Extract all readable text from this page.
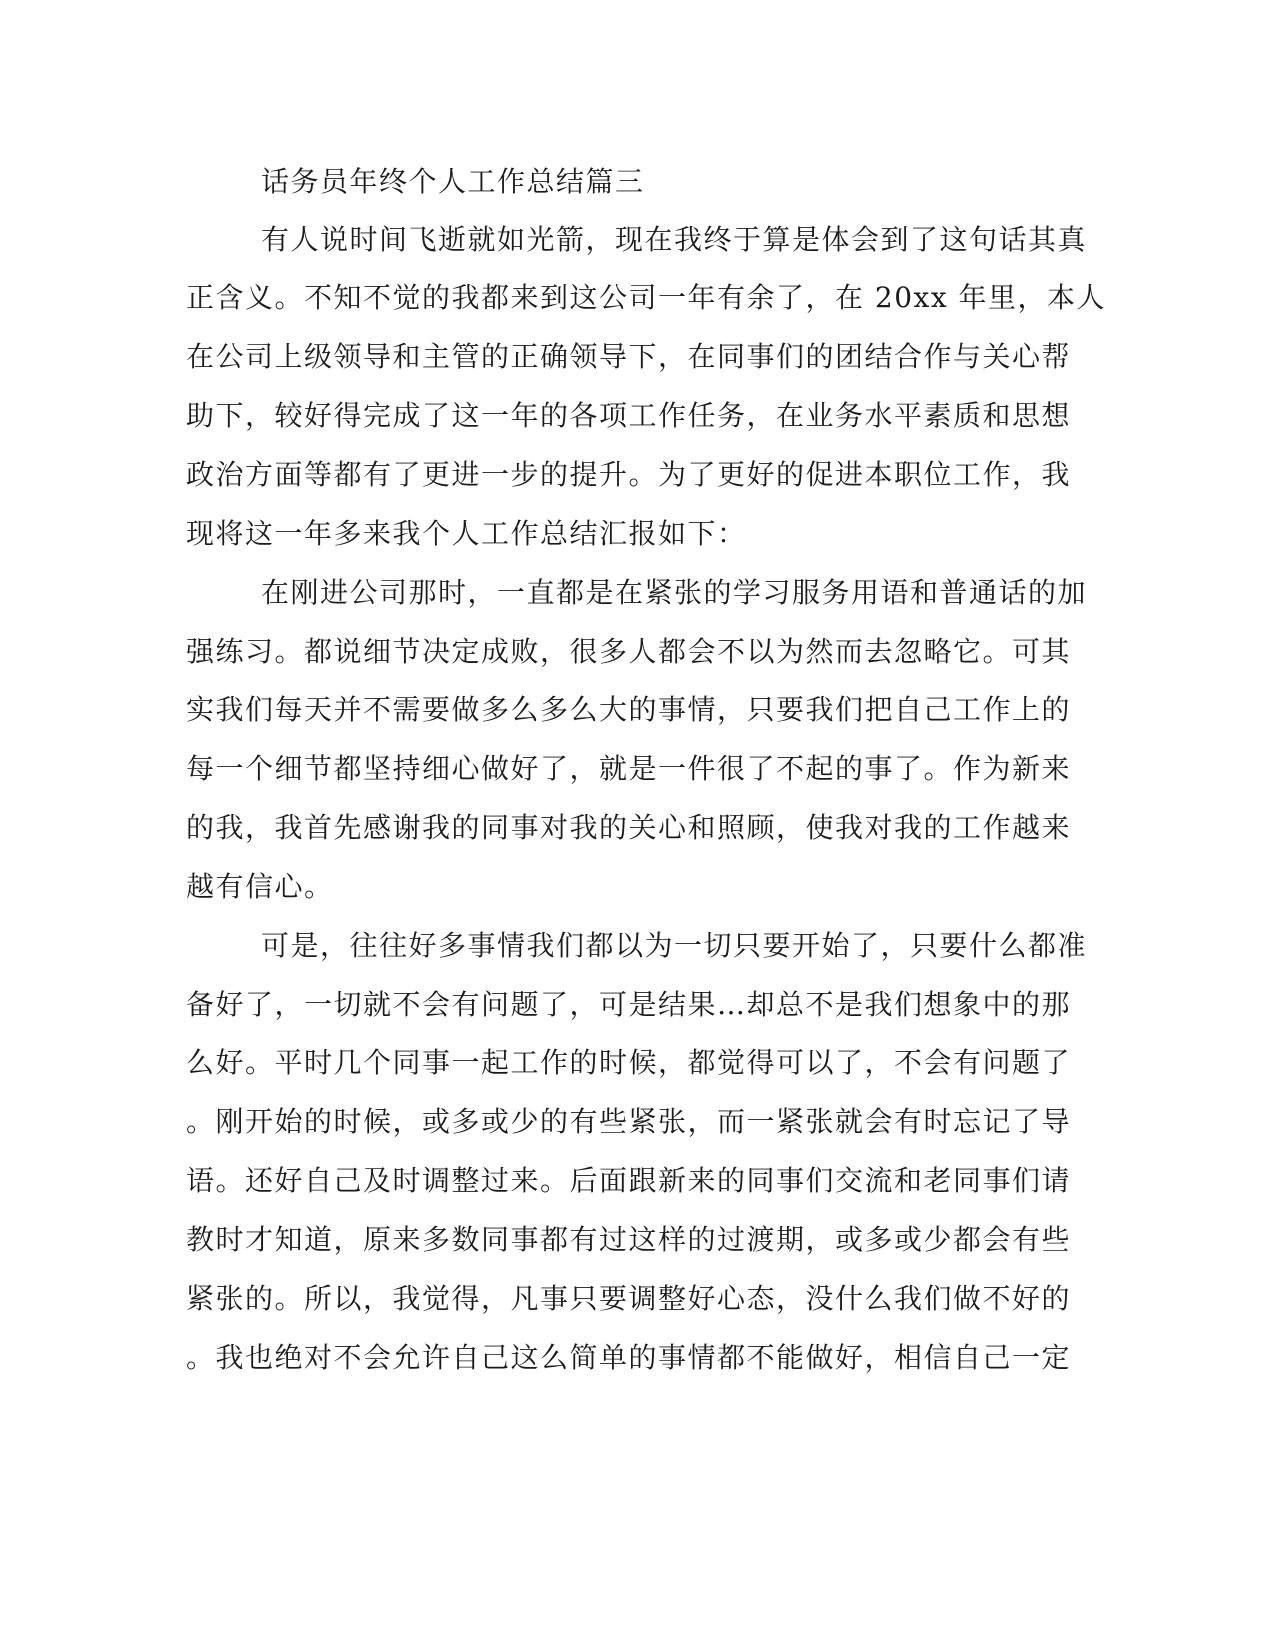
话务员年终个人工作总结篇三
有人说时间飞逝就如光箭，现在我终于算是体会到了这句话其真
正含义。不知不觉的我都来到这公司一年有余了，在 20xx 年里，本人
在公司上级领导和主管的正确领导下，在同事们的团结合作与关心帮
助下，较好得完成了这一年的各项工作任务，在业务水平素质和思想
政治方面等都有了更进一步的提升。为了更好的促进本职位工作，我
现将这一年多来我个人工作总结汇报如下：
在刚进公司那时，一直都是在紧张的学习服务用语和普通话的加
强练习。都说细节决定成败，很多人都会不以为然而去忽略它。可其
实我们每天并不需要做多么多么大的事情，只要我们把自己工作上的
每一个细节都坚持细心做好了，就是一件很了不起的事了。作为新来
的我，我首先感谢我的同事对我的关心和照顾，使我对我的工作越来
越有信心。
可是，往往好多事情我们都以为一切只要开始了，只要什么都准
备好了，一切就不会有问题了，可是结果…却总不是我们想象中的那
么好。平时几个同事一起工作的时候，都觉得可以了，不会有问题了
。刚开始的时候，或多或少的有些紧张，而一紧张就会有时忘记了导
语。还好自己及时调整过来。后面跟新来的同事们交流和老同事们请
教时才知道，原来多数同事都有过这样的过渡期，或多或少都会有些
紧张的。所以，我觉得，凡事只要调整好心态，没什么我们做不好的
。我也绝对不会允许自己这么简单的事情都不能做好，相信自己一定
